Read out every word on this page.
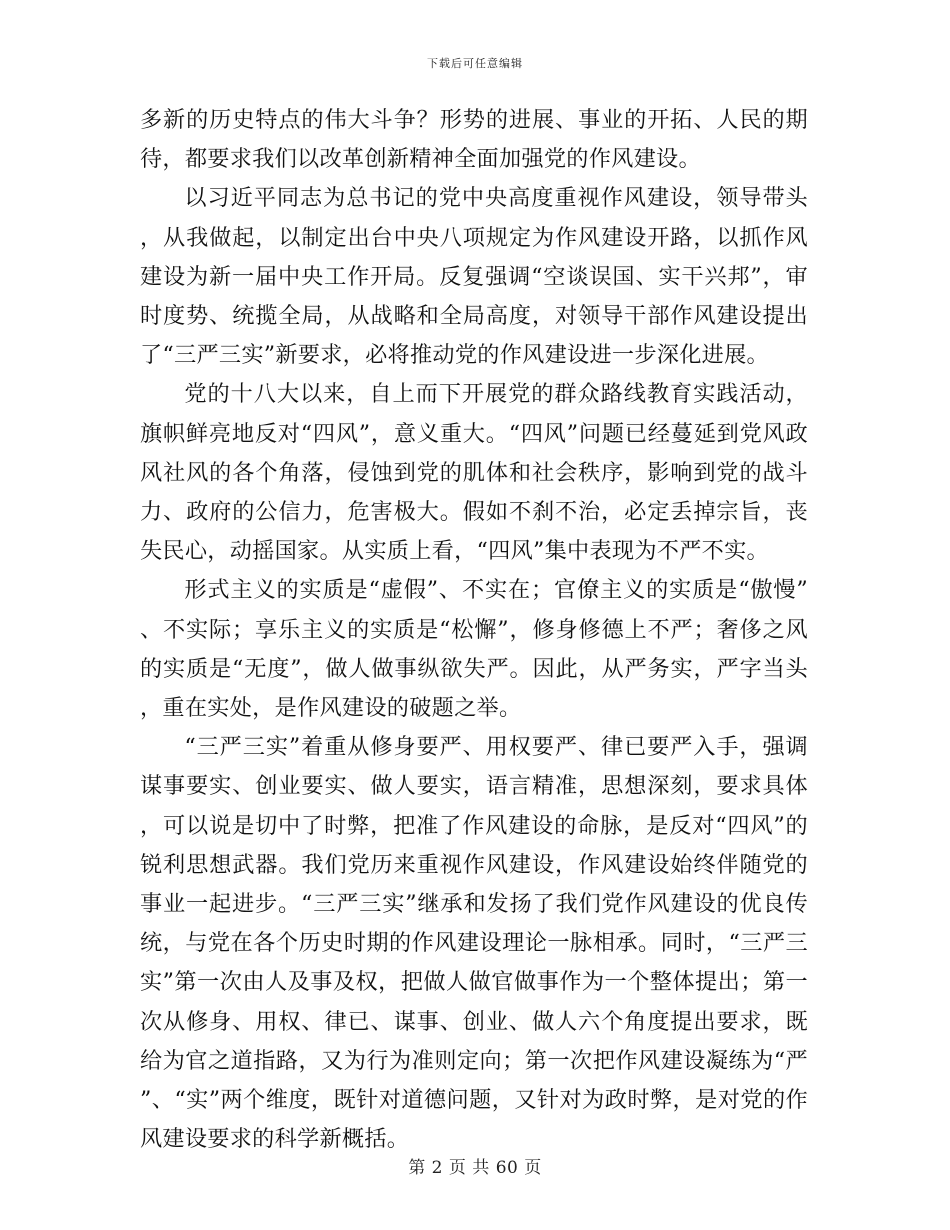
下载后可任意编辑

多新的历史特点的伟大斗争？形势的进展、事业的开拓、人民的期待，都要求我们以改革创新精神全面加强党的作风建设。

以习近平同志为总书记的党中央高度重视作风建设，领导带头，从我做起，以制定出台中央八项规定为作风建设开路，以抓作风建设为新一届中央工作开局。反复强调“空谈误国、实干兴邦”，审时度势、统揽全局，从战略和全局高度，对领导干部作风建设提出了“三严三实”新要求，必将推动党的作风建设进一步深化进展。

党的十八大以来，自上而下开展党的群众路线教育实践活动，旗帜鲜亮地反对“四风”，意义重大。“四风”问题已经蔓延到党风政风社风的各个角落，侵蚀到党的肌体和社会秩序，影响到党的战斗力、政府的公信力，危害极大。假如不刹不治，必定丢掉宗旨，丧失民心，动摇国家。从实质上看，“四风”集中表现为不严不实。

形式主义的实质是“虚假”、不实在；官僚主义的实质是“傲慢”、不实际；享乐主义的实质是“松懈”，修身修德上不严；奢侈之风的实质是“无度”，做人做事纵欲失严。因此，从严务实，严字当头，重在实处，是作风建设的破题之举。

“三严三实”着重从修身要严、用权要严、律已要严入手，强调谋事要实、创业要实、做人要实，语言精准，思想深刻，要求具体，可以说是切中了时弊，把准了作风建设的命脉，是反对“四风”的锐利思想武器。我们党历来重视作风建设，作风建设始终伴随党的事业一起进步。“三严三实”继承和发扬了我们党作风建设的优良传统，与党在各个历史时期的作风建设理论一脉相承。同时，“三严三实”第一次由人及事及权，把做人做官做事作为一个整体提出；第一次从修身、用权、律已、谋事、创业、做人六个角度提出要求，既给为官之道指路，又为行为准则定向；第一次把作风建设凝练为“严”、“实”两个维度，既针对道德问题，又针对为政时弊，是对党的作风建设要求的科学新概括。

第 2 页 共 60 页
